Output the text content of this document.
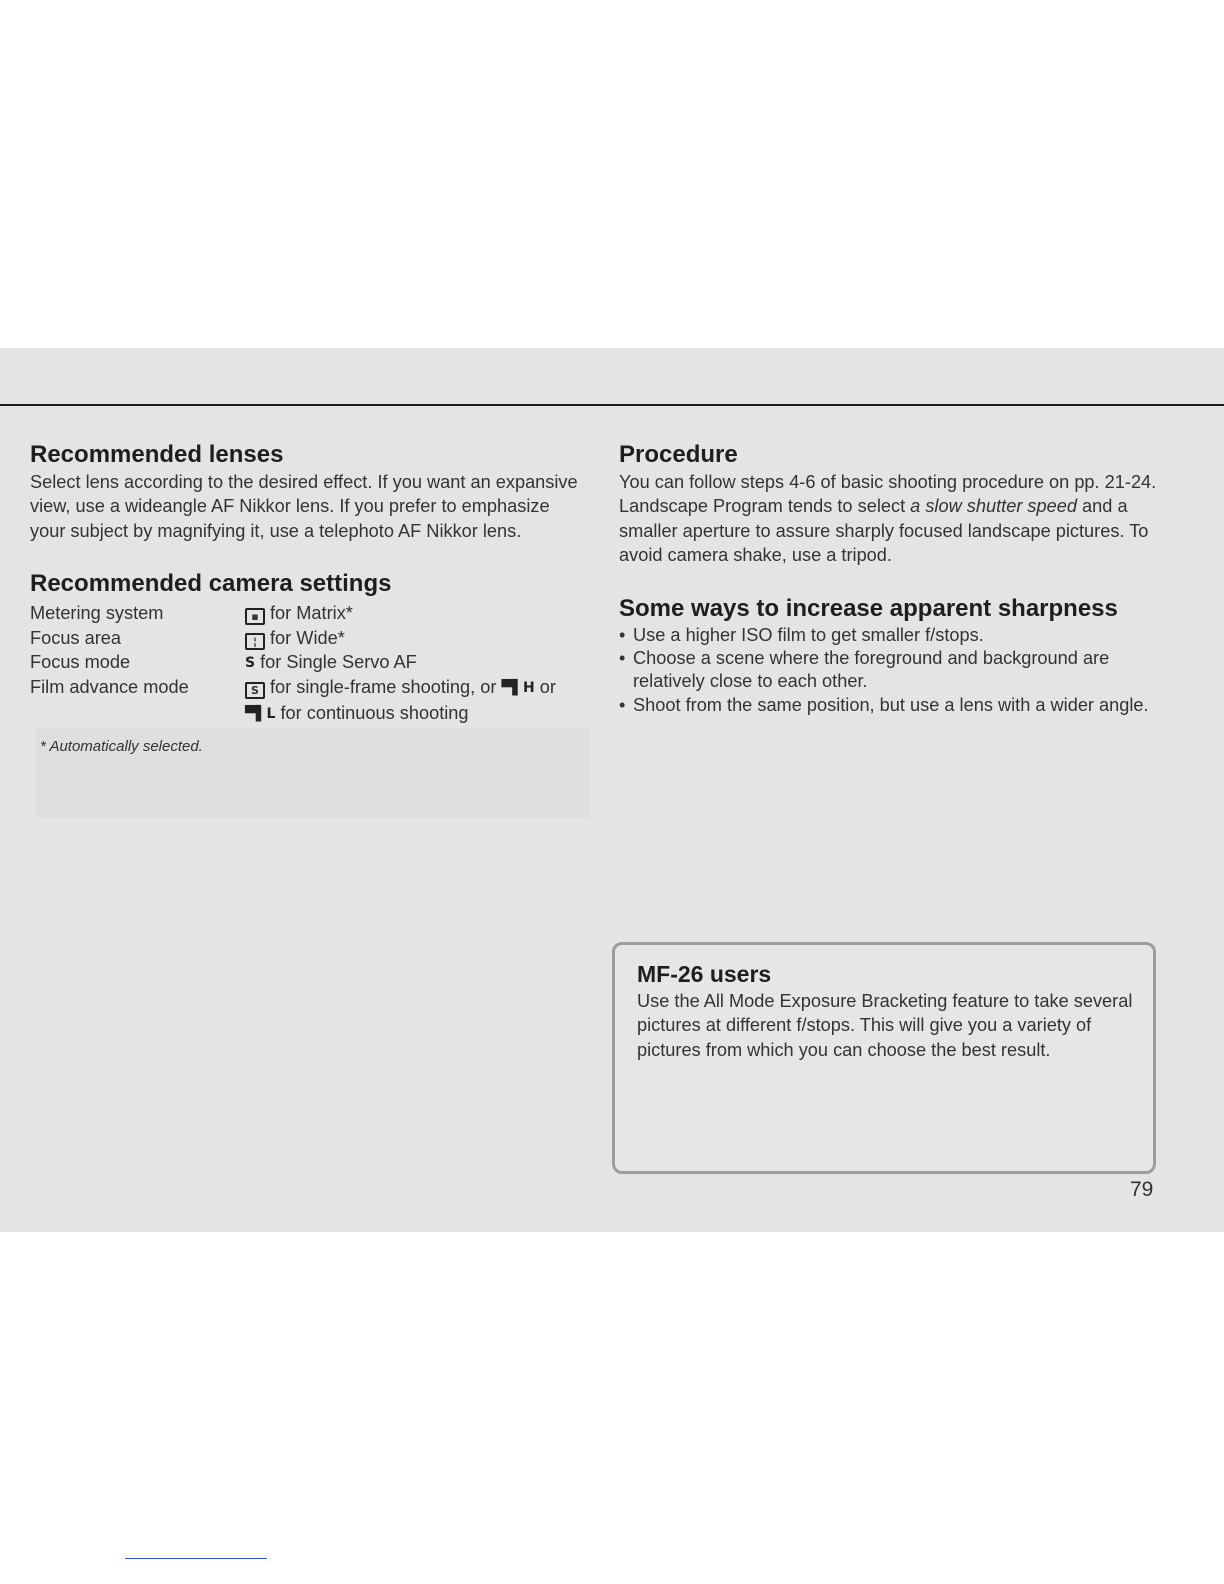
Recommended lenses

Select lens according to the desired effect. If you want an expansive view, use a wideangle AF Nikkor lens. If you prefer to emphasize your subject by magnifying it, use a telephoto AF Nikkor lens.

Recommended camera settings
Metering system	▪ for Matrix*
Focus area	¦ for Wide*
Focus mode	S for Single Servo AF
Film advance mode	S for single-frame shooting, or ▀▌H or
▀▌L for continuous shooting
* Automatically selected.
Procedure

You can follow steps 4-6 of basic shooting procedure on pp. 21-24.

Landscape Program tends to select a slow shutter speed and a smaller aperture to assure sharply focused landscape pictures. To avoid camera shake, use a tripod.

Some ways to increase apparent sharpness
• Use a higher ISO film to get smaller f/stops.
• Choose a scene where the foreground and background are relatively close to each other.
• Shoot from the same position, but use a lens with a wider angle.
MF-26 users

Use the All Mode Exposure Bracketing feature to take several pictures at different f/stops. This will give you a variety of pictures from which you can choose the best result.

79
